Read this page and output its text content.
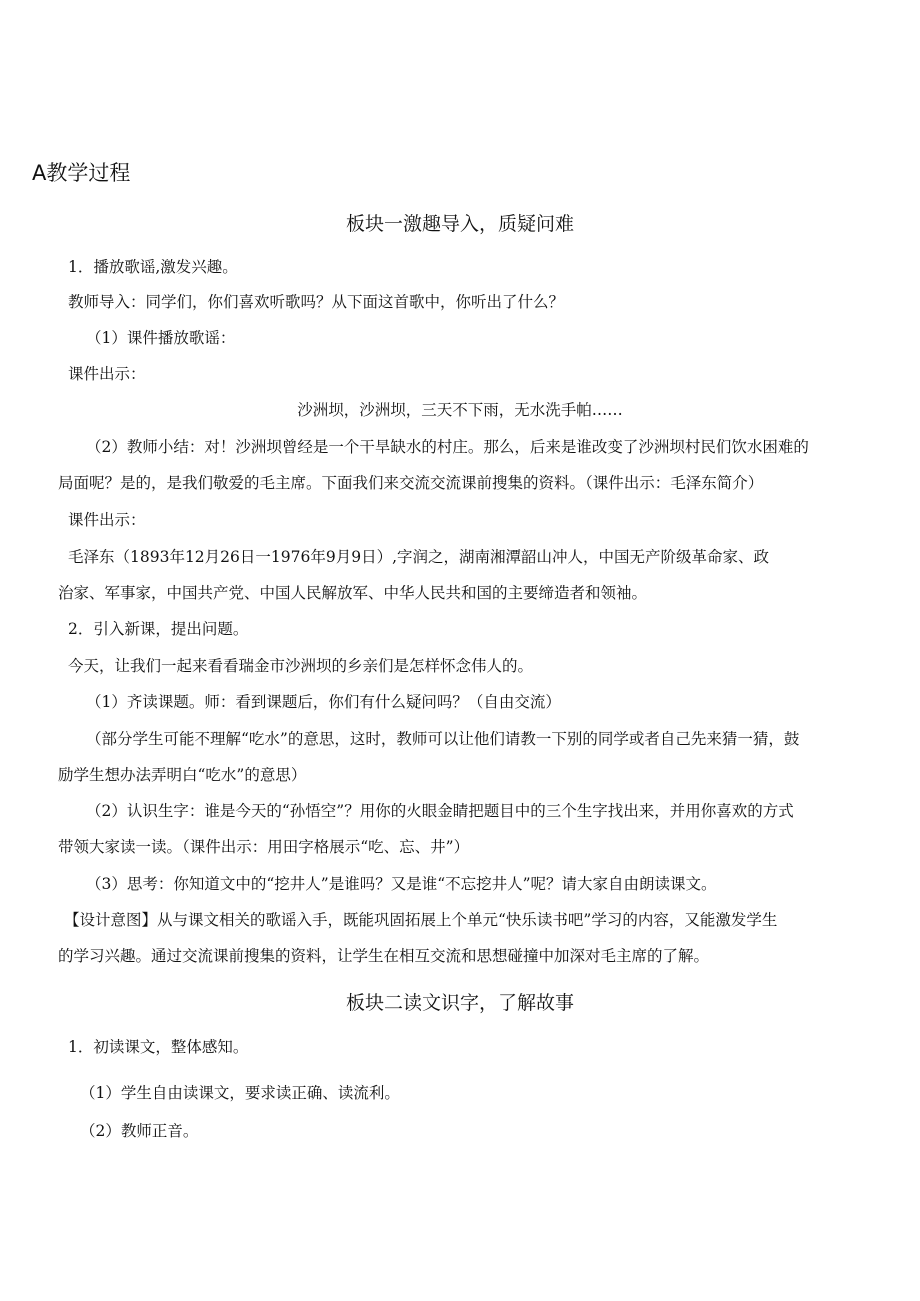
A教学过程
板块一激趣导入，质疑问难
1．播放歌谣,激发兴趣。
教师导入：同学们，你们喜欢听歌吗？从下面这首歌中，你听出了什么？
（1）课件播放歌谣：
课件出示：
沙洲坝，沙洲坝，三天不下雨，无水洗手帕……
（2）教师小结：对！沙洲坝曾经是一个干旱缺水的村庄。那么，后来是谁改变了沙洲坝村民们饮水困难的
局面呢？是的，是我们敬爱的毛主席。下面我们来交流交流课前搜集的资料。（课件出示：毛泽东简介）
课件出示：
毛泽东（1893年12月26日一1976年9月9日）,字润之，湖南湘潭韶山冲人，中国无产阶级革命家、政
治家、军事家，中国共产党、中国人民解放军、中华人民共和国的主要缔造者和领袖。
2．引入新课，提出问题。
今天，让我们一起来看看瑞金市沙洲坝的乡亲们是怎样怀念伟人的。
（1）齐读课题。师：看到课题后，你们有什么疑问吗？（自由交流）
（部分学生可能不理解“吃水”的意思，这时，教师可以让他们请教一下别的同学或者自己先来猜一猜，鼓
励学生想办法弄明白“吃水”的意思）
（2）认识生字：谁是今天的“孙悟空”？用你的火眼金睛把题目中的三个生字找出来，并用你喜欢的方式
带领大家读一读。（课件出示：用田字格展示“吃、忘、井”）
（3）思考：你知道文中的“挖井人”是谁吗？又是谁“不忘挖井人”呢？请大家自由朗读课文。
【设计意图】从与课文相关的歌谣入手，既能巩固拓展上个单元“快乐读书吧”学习的内容，又能激发学生
的学习兴趣。通过交流课前搜集的资料，让学生在相互交流和思想碰撞中加深对毛主席的了解。
板块二读文识字，了解故事
1．初读课文，整体感知。
（1）学生自由读课文，要求读正确、读流利。
（2）教师正音。
